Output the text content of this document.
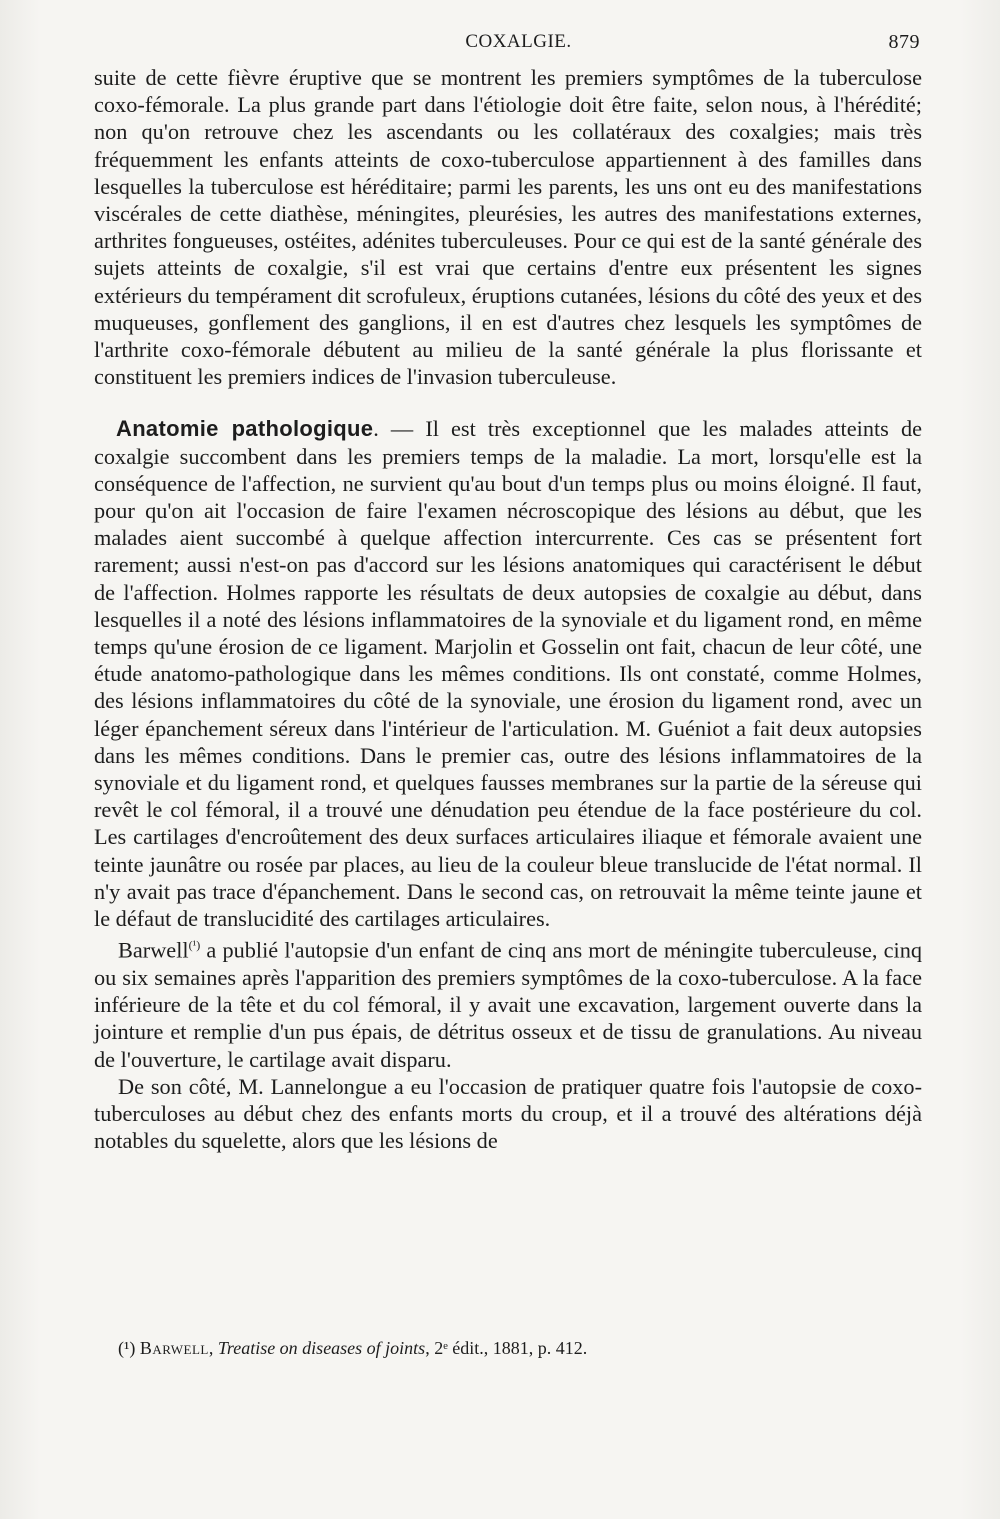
COXALGIE.	879

suite de cette fièvre éruptive que se montrent les premiers symptômes de la tuberculose coxo-fémorale. La plus grande part dans l'étiologie doit être faite, selon nous, à l'hérédité; non qu'on retrouve chez les ascendants ou les collatéraux des coxalgies; mais très fréquemment les enfants atteints de coxo-tuberculose appartiennent à des familles dans lesquelles la tuberculose est héréditaire; parmi les parents, les uns ont eu des manifestations viscérales de cette diathèse, méningites, pleurésies, les autres des manifestations externes, arthrites fongueuses, ostéites, adénites tuberculeuses. Pour ce qui est de la santé générale des sujets atteints de coxalgie, s'il est vrai que certains d'entre eux présentent les signes extérieurs du tempérament dit scrofuleux, éruptions cutanées, lésions du côté des yeux et des muqueuses, gonflement des ganglions, il en est d'autres chez lesquels les symptômes de l'arthrite coxo-fémorale débutent au milieu de la santé générale la plus florissante et constituent les premiers indices de l'invasion tuberculeuse.

Anatomie pathologique. — Il est très exceptionnel que les malades atteints de coxalgie succombent dans les premiers temps de la maladie. La mort, lorsqu'elle est la conséquence de l'affection, ne survient qu'au bout d'un temps plus ou moins éloigné. Il faut, pour qu'on ait l'occasion de faire l'examen nécroscopique des lésions au début, que les malades aient succombé à quelque affection intercurrente. Ces cas se présentent fort rarement; aussi n'est-on pas d'accord sur les lésions anatomiques qui caractérisent le début de l'affection. Holmes rapporte les résultats de deux autopsies de coxalgie au début, dans lesquelles il a noté des lésions inflammatoires de la synoviale et du ligament rond, en même temps qu'une érosion de ce ligament. Marjolin et Gosselin ont fait, chacun de leur côté, une étude anatomo-pathologique dans les mêmes conditions. Ils ont constaté, comme Holmes, des lésions inflammatoires du côté de la synoviale, une érosion du ligament rond, avec un léger épanchement séreux dans l'intérieur de l'articulation. M. Guéniot a fait deux autopsies dans les mêmes conditions. Dans le premier cas, outre des lésions inflammatoires de la synoviale et du ligament rond, et quelques fausses membranes sur la partie de la séreuse qui revêt le col fémoral, il a trouvé une dénudation peu étendue de la face postérieure du col. Les cartilages d'encroûtement des deux surfaces articulaires iliaque et fémorale avaient une teinte jaunâtre ou rosée par places, au lieu de la couleur bleue translucide de l'état normal. Il n'y avait pas trace d'épanchement. Dans le second cas, on retrouvait la même teinte jaune et le défaut de translucidité des cartilages articulaires.

Barwell$^{(^1)}$ a publié l'autopsie d'un enfant de cinq ans mort de méningite tuberculeuse, cinq ou six semaines après l'apparition des premiers symptômes de la coxo-tuberculose. A la face inférieure de la tête et du col fémoral, il y avait une excavation, largement ouverte dans la jointure et remplie d'un pus épais, de détritus osseux et de tissu de granulations. Au niveau de l'ouverture, le cartilage avait disparu.

De son côté, M. Lannelongue a eu l'occasion de pratiquer quatre fois l'autopsie de coxo-tuberculoses au début chez des enfants morts du croup, et il a trouvé des altérations déjà notables du squelette, alors que les lésions de

(¹) Barwell, Treatise on diseases of joints, 2ᵉ édit., 1881, p. 412.
